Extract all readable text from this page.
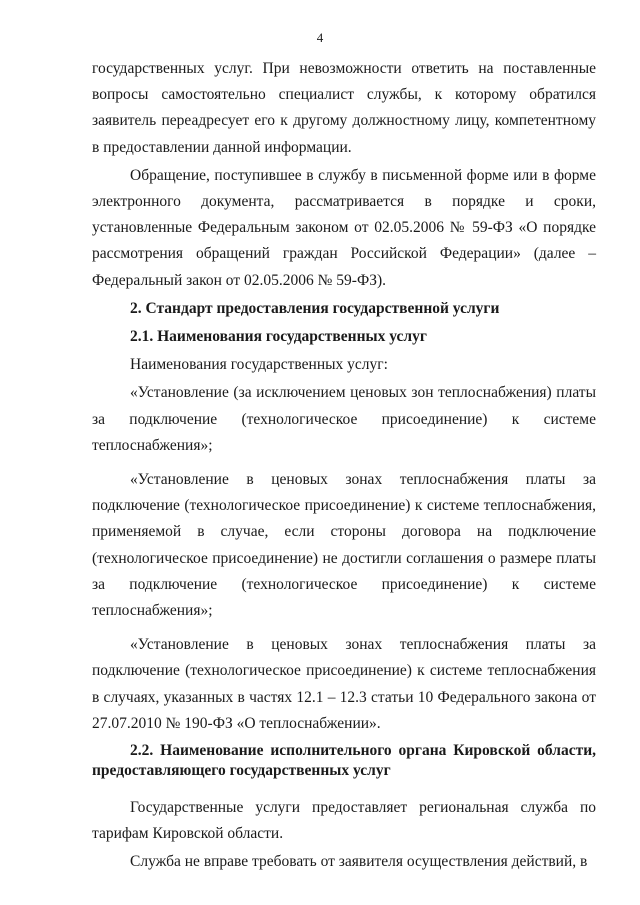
4

государственных услуг. При невозможности ответить на поставленные вопросы самостоятельно специалист службы, к которому обратился заявитель переадресует его к другому должностному лицу, компетентному в предоставлении данной информации.

Обращение, поступившее в службу в письменной форме или в форме электронного документа, рассматривается в порядке и сроки, установленные Федеральным законом от 02.05.2006 № 59-ФЗ «О порядке рассмотрения обращений граждан Российской Федерации» (далее – Федеральный закон от 02.05.2006 № 59-ФЗ).

2. Стандарт предоставления государственной услуги

2.1. Наименования государственных услуг

Наименования государственных услуг:

«Установление (за исключением ценовых зон теплоснабжения) платы за подключение (технологическое присоединение) к системе теплоснабжения»;

«Установление в ценовых зонах теплоснабжения платы за подключение (технологическое присоединение) к системе теплоснабжения, применяемой в случае, если стороны договора на подключение (технологическое присоединение) не достигли соглашения о размере платы за подключение (технологическое присоединение) к системе теплоснабжения»;

«Установление в ценовых зонах теплоснабжения платы за подключение (технологическое присоединение) к системе теплоснабжения в случаях, указанных в частях 12.1 – 12.3 статьи 10 Федерального закона от 27.07.2010 № 190-ФЗ «О теплоснабжении».

2.2. Наименование исполнительного органа Кировской области, предоставляющего государственных услуг

Государственные услуги предоставляет региональная служба по тарифам Кировской области.

Служба не вправе требовать от заявителя осуществления действий, в
